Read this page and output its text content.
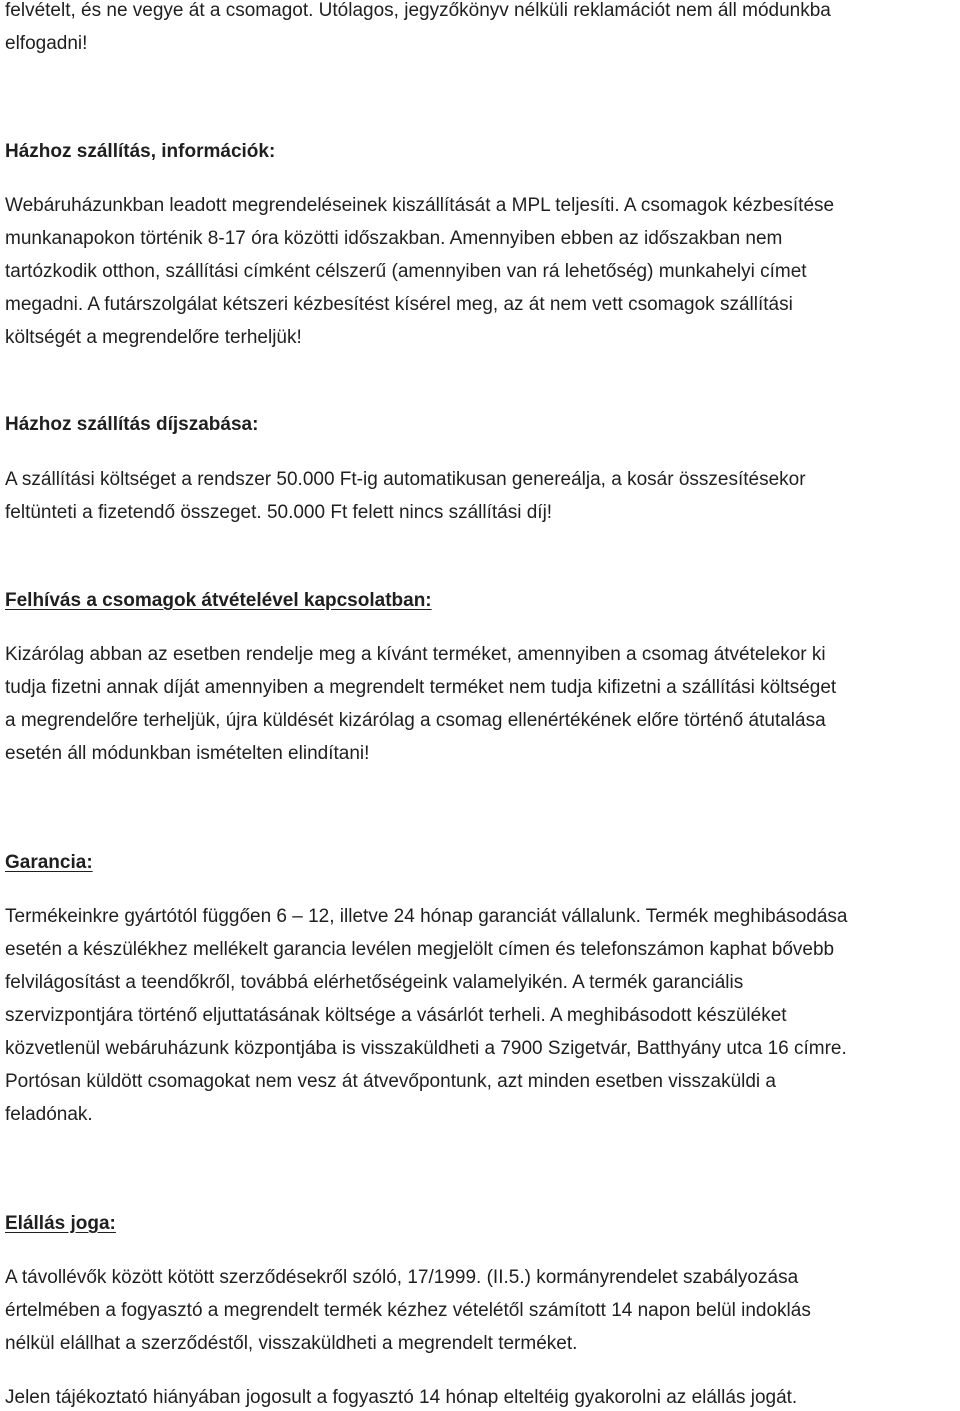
felvételt, és ne vegye át a csomagot. Utólagos, jegyzőkönyv nélküli reklamációt nem áll módunkba
elfogadni!
Házhoz szállítás, információk:
Webáruházunkban leadott megrendeléseinek kiszállítását a MPL teljesíti. A csomagok kézbesítése
munkanapokon történik 8-17 óra közötti időszakban. Amennyiben ebben az időszakban nem
tartózkodik otthon, szállítási címként célszerű (amennyiben van rá lehetőség) munkahelyi címet
megadni. A futárszolgálat kétszeri kézbesítést kísérel meg, az át nem vett csomagok szállítási
költségét a megrendelőre terheljük!
Házhoz szállítás díjszabása:
A szállítási költséget a rendszer 50.000 Ft-ig automatikusan genereálja, a kosár összesítésekor
feltünteti a fizetendő összeget. 50.000 Ft felett nincs szállítási díj!
Felhívás a csomagok átvételével kapcsolatban:
Kizárólag abban az esetben rendelje meg a kívánt terméket, amennyiben a csomag átvételekor ki
tudja fizetni annak díját amennyiben a megrendelt terméket nem tudja kifizetni a szállítási költséget
a megrendelőre terheljük, újra küldését kizárólag a csomag ellenértékének előre történő átutalása
esetén áll módunkban ismételten elindítani!
Garancia:
Termékeinkre gyártótól függően 6 – 12, illetve 24 hónap garanciát vállalunk. Termék meghibásodása
esetén a készülékhez mellékelt garancia levélen megjelölt címen és telefonszámon kaphat bővebb
felvilágosítást a teendőkről, továbbá elérhetőségeink valamelyikén. A termék garanciális
szervizpontjára történő eljuttatásának költsége a vásárlót terheli. A meghibásodott készüléket
közvetlenül webáruházunk központjába is visszaküldheti a 7900 Szigetvár, Batthyány utca 16 címre.
Portósan küldött csomagokat nem vesz át átvevőpontunk, azt minden esetben visszaküldi a
feladónak.
Elállás joga:
A távollévők között kötött szerződésekről szóló, 17/1999. (II.5.) kormányrendelet szabályozása
értelmében a fogyasztó a megrendelt termék kézhez vételétől számított 14 napon belül indoklás
nélkül elállhat a szerződéstől, visszaküldheti a megrendelt terméket.
Jelen tájékoztató hiányában jogosult a fogyasztó 14 hónap elteltéig gyakorolni az elállás jogát.
